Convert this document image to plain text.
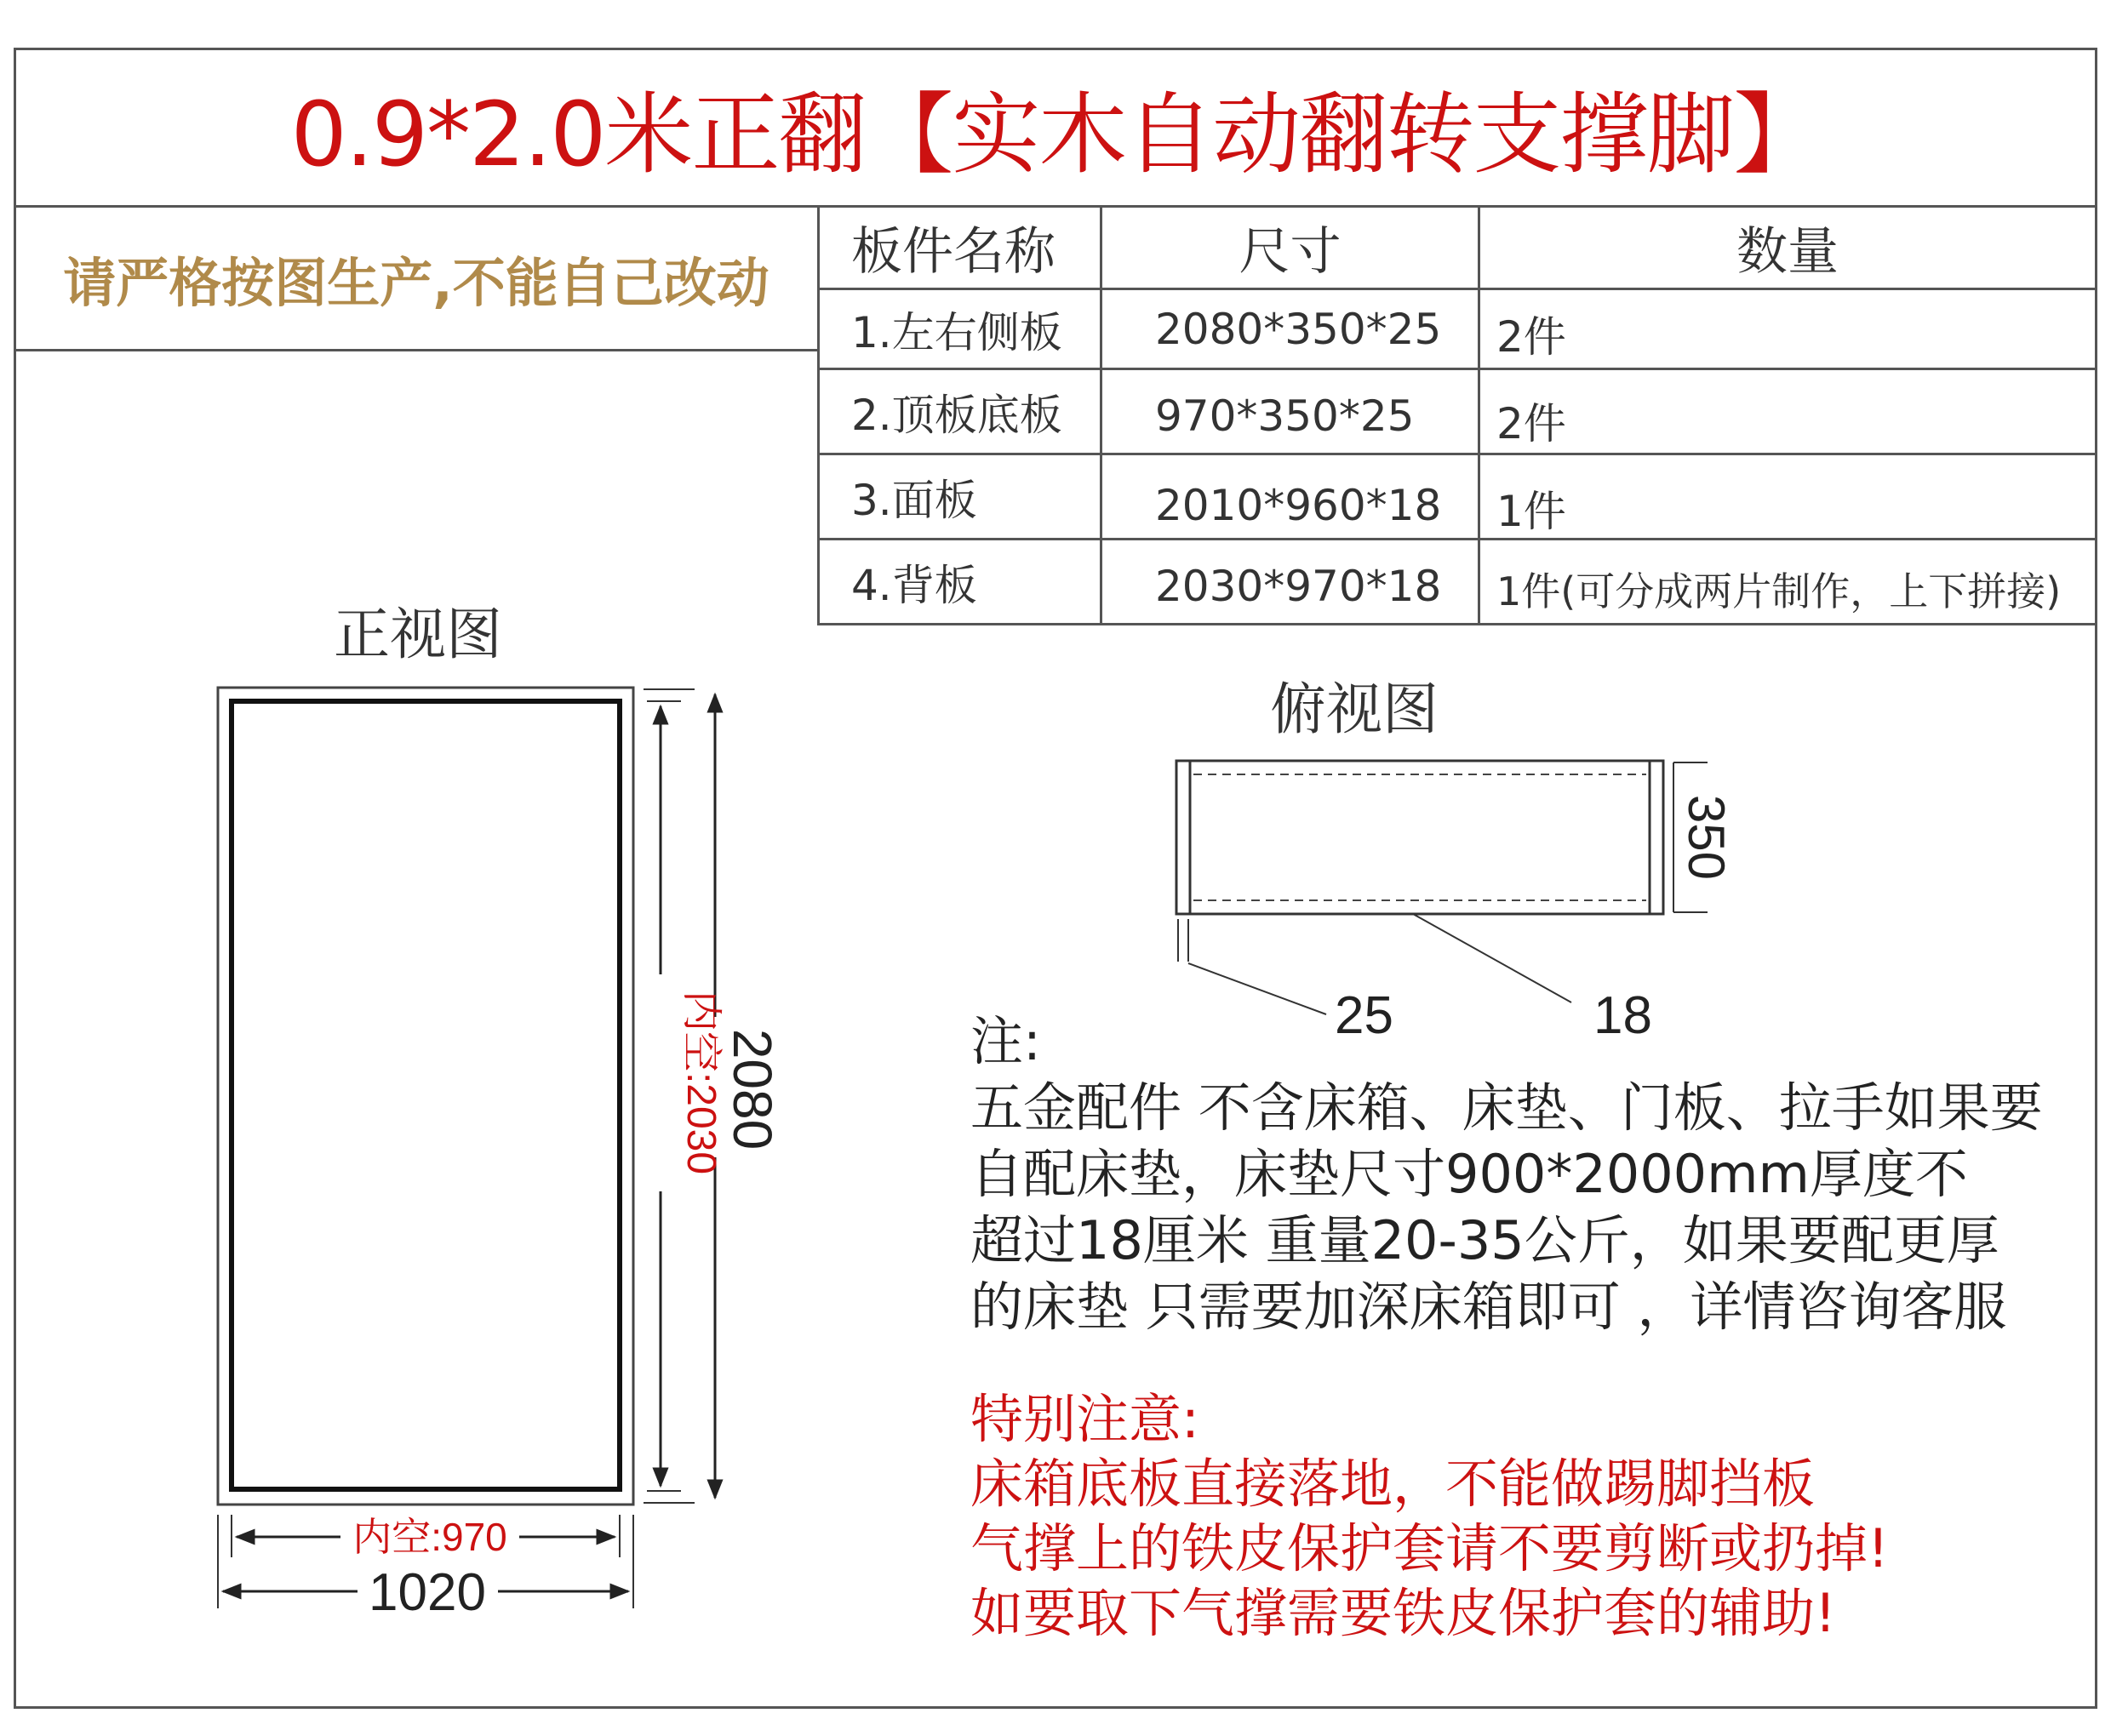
0.9*2.0米正翻【实木自动翻转支撑脚】
请严格按图生产,不能自己改动	板件名称	尺寸	数量
1.左右侧板 2080*350*25 2件
2.顶板底板 970*350*25 2件
3.面板	2010*960*18 1件
4.背板	2030*970*18 1件(可分成两片制作，上下拼接)
正视图
俯视图
内空:2030
2080
内空:970
1020
350
25	18
注:
五金配件 不含床箱、床垫、门板、拉手如果要
自配床垫，床垫尺寸900*2000mm厚度不
超过18厘米 重量20-35公斤，如果要配更厚
的床垫 只需要加深床箱即可 ，详情咨询客服
特别注意:
床箱底板直接落地，不能做踢脚挡板
气撑上的铁皮保护套请不要剪断或扔掉!
如要取下气撑需要铁皮保护套的辅助!
